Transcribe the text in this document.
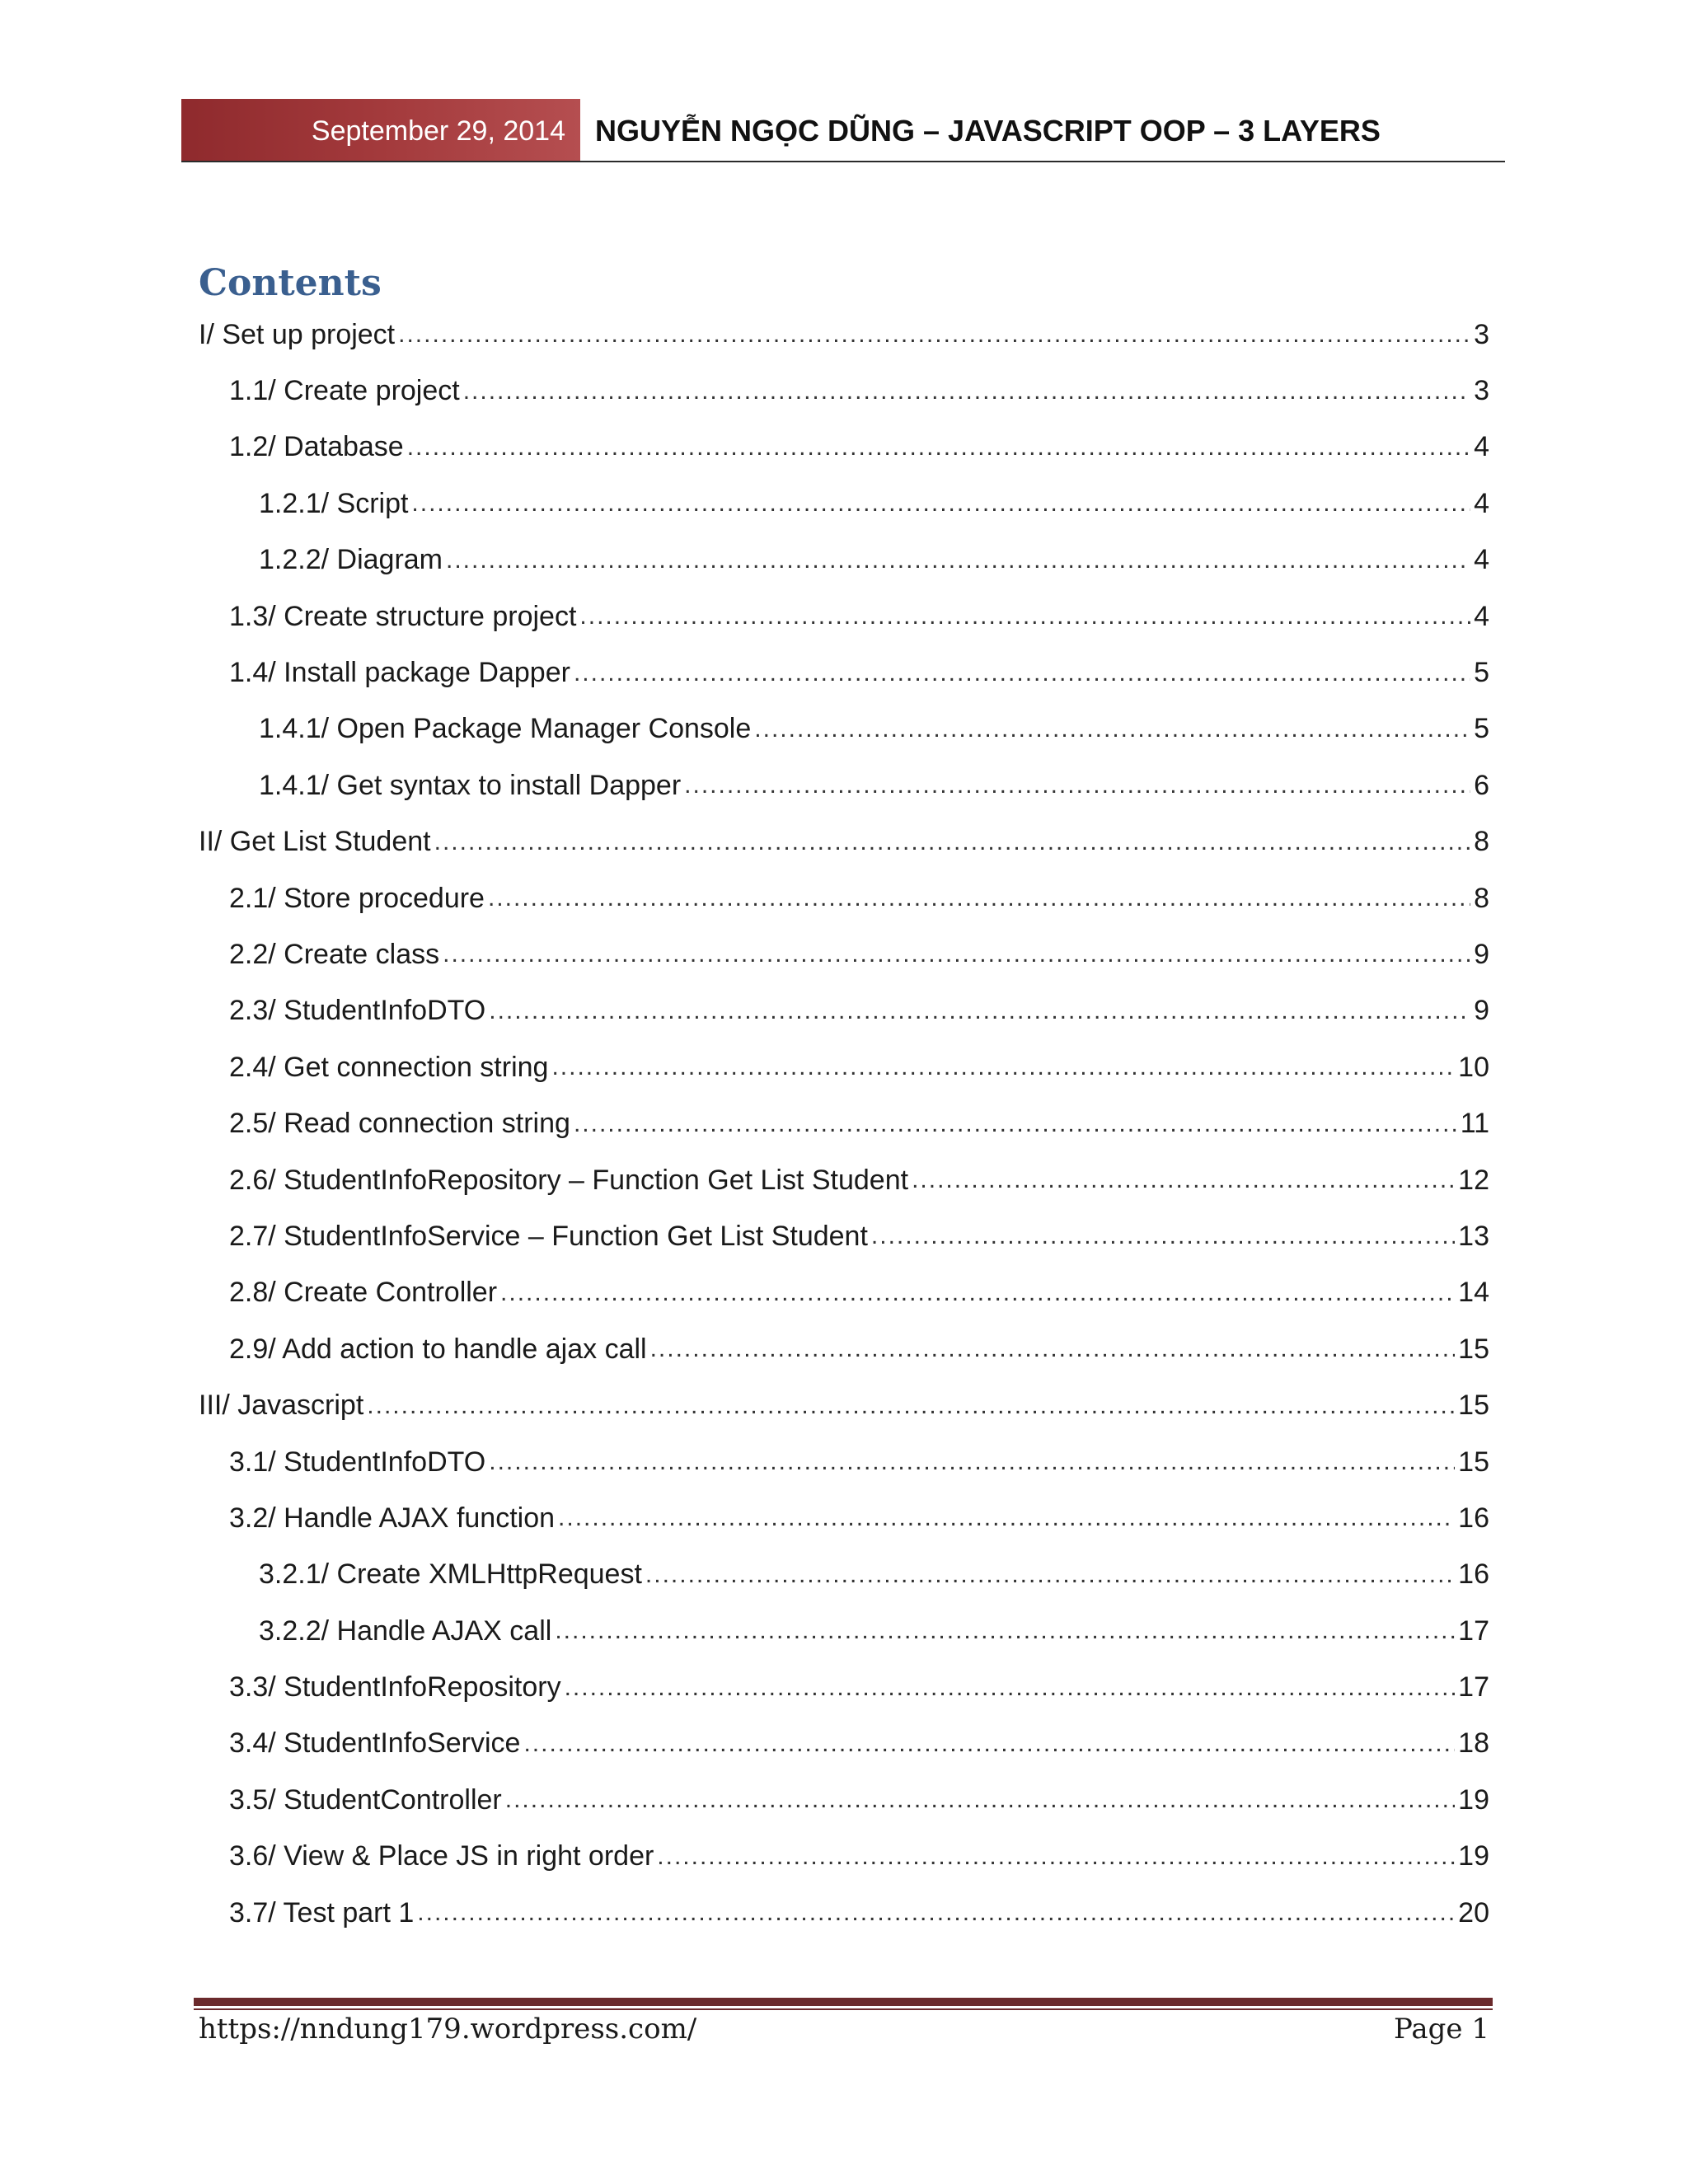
September 29, 2014	NGUYỄN NGỌC DŨNG – JAVASCRIPT OOP – 3 LAYERS
Contents
I/ Set up project .....	3
1.1/ Create project .....	3
1.2/ Database .....	4
1.2.1/ Script .....	4
1.2.2/ Diagram .....	4
1.3/ Create structure project .....	4
1.4/ Install package Dapper .....	5
1.4.1/ Open Package Manager Console .....	5
1.4.1/ Get syntax to install Dapper .....	6
II/ Get List Student .....	8
2.1/ Store procedure .....	8
2.2/ Create class .....	9
2.3/ StudentInfoDTO .....	9
2.4/ Get connection string .....	10
2.5/ Read connection string .....	11
2.6/ StudentInfoRepository – Function Get List Student .....	12
2.7/ StudentInfoService – Function Get List Student .....	13
2.8/ Create Controller .....	14
2.9/ Add action to handle ajax call .....	15
III/ Javascript .....	15
3.1/ StudentInfoDTO .....	15
3.2/ Handle AJAX function .....	16
3.2.1/ Create XMLHttpRequest .....	16
3.2.2/ Handle AJAX call .....	17
3.3/ StudentInfoRepository .....	17
3.4/ StudentInfoService .....	18
3.5/ StudentController .....	19
3.6/ View & Place JS in right order .....	19
3.7/ Test part 1 .....	20
https://nndung179.wordpress.com/	Page 1
